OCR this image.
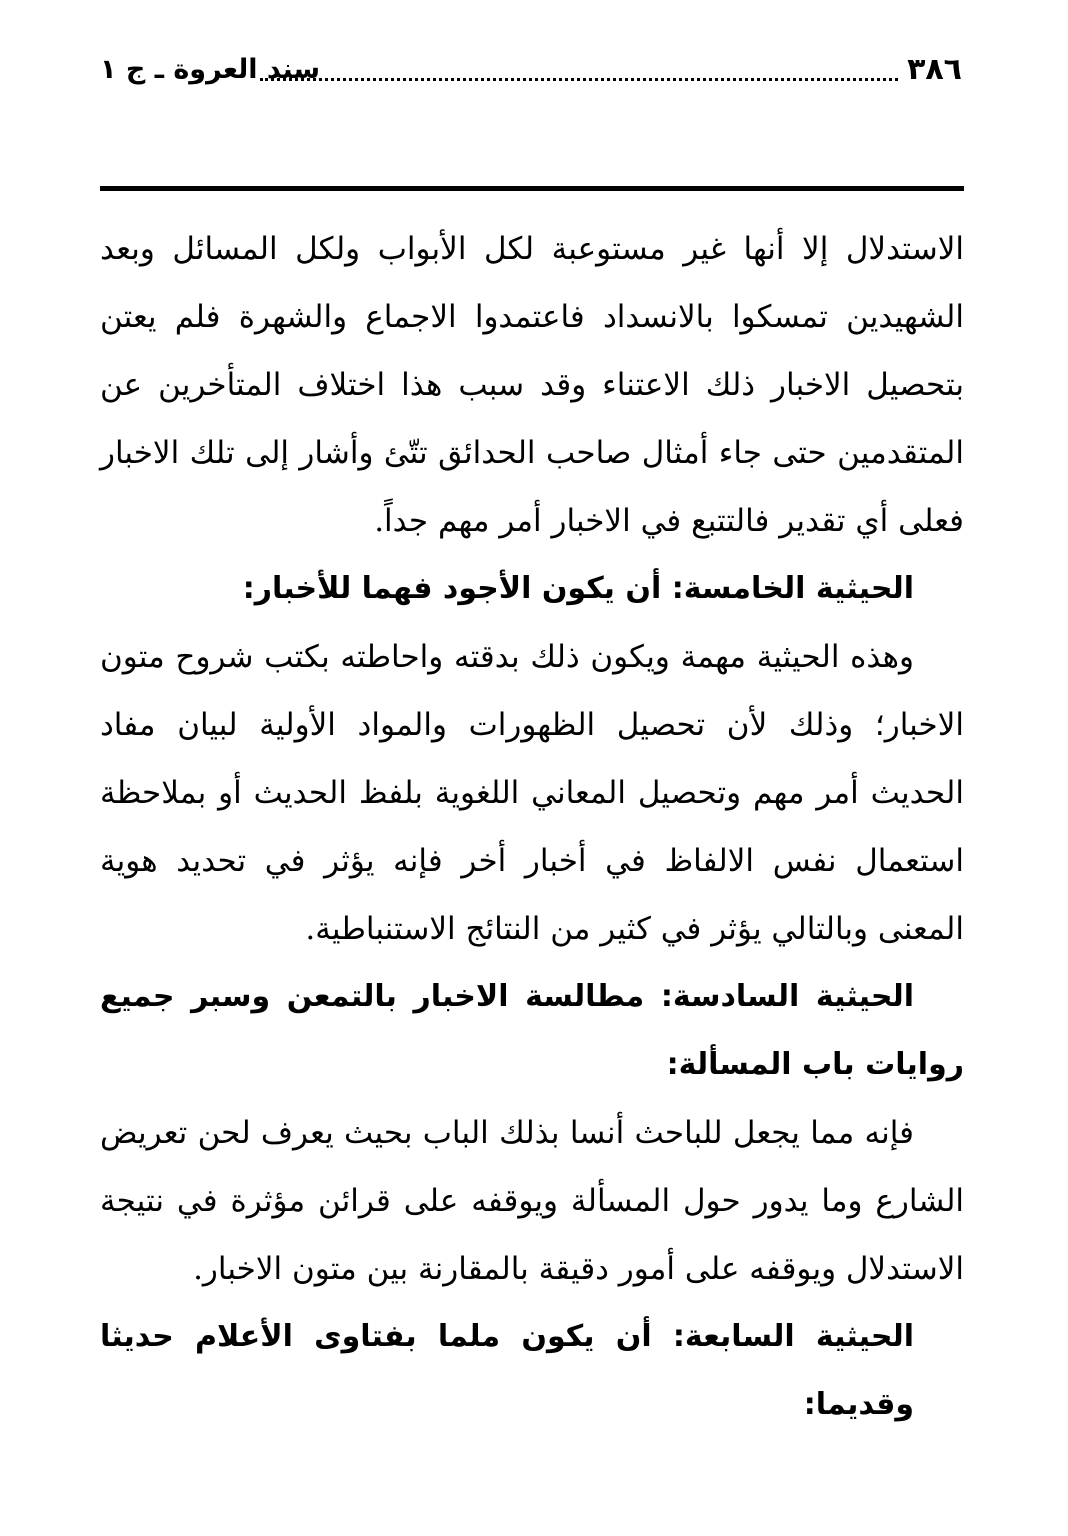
٣٨٦
سند العروة ـ ج ١

الاستدلال إلا أنها غير مستوعبة لكل الأبواب ولكل المسائل وبعد الشهيدين تمسكوا بالانسداد فاعتمدوا الاجماع والشهرة فلم يعتن بتحصيل الاخبار ذلك الاعتناء وقد سبب هذا اختلاف المتأخرين عن المتقدمين حتى جاء أمثال صاحب الحدائق تتّئ وأشار إلى تلك الاخبار فعلى أي تقدير فالتتبع في الاخبار أمر مهم جداً.

الحيثية الخامسة: أن يكون الأجود فهما للأخبار:

وهذه الحيثية مهمة ويكون ذلك بدقته واحاطته بكتب شروح متون الاخبار؛ وذلك لأن تحصيل الظهورات والمواد الأولية لبيان مفاد الحديث أمر مهم وتحصيل المعاني اللغوية بلفظ الحديث أو بملاحظة استعمال نفس الالفاظ في أخبار أخر فإنه يؤثر في تحديد هوية المعنى وبالتالي يؤثر في كثير من النتائج الاستنباطية.

الحيثية السادسة: مطالسة الاخبار بالتمعن وسبر جميع روايات باب المسألة:

فإنه مما يجعل للباحث أنسا بذلك الباب بحيث يعرف لحن تعريض الشارع وما يدور حول المسألة ويوقفه على قرائن مؤثرة في نتيجة الاستدلال ويوقفه على أمور دقيقة بالمقارنة بين متون الاخبار.

الحيثية السابعة: أن يكون ملما بفتاوى الأعلام حديثا وقديما:
